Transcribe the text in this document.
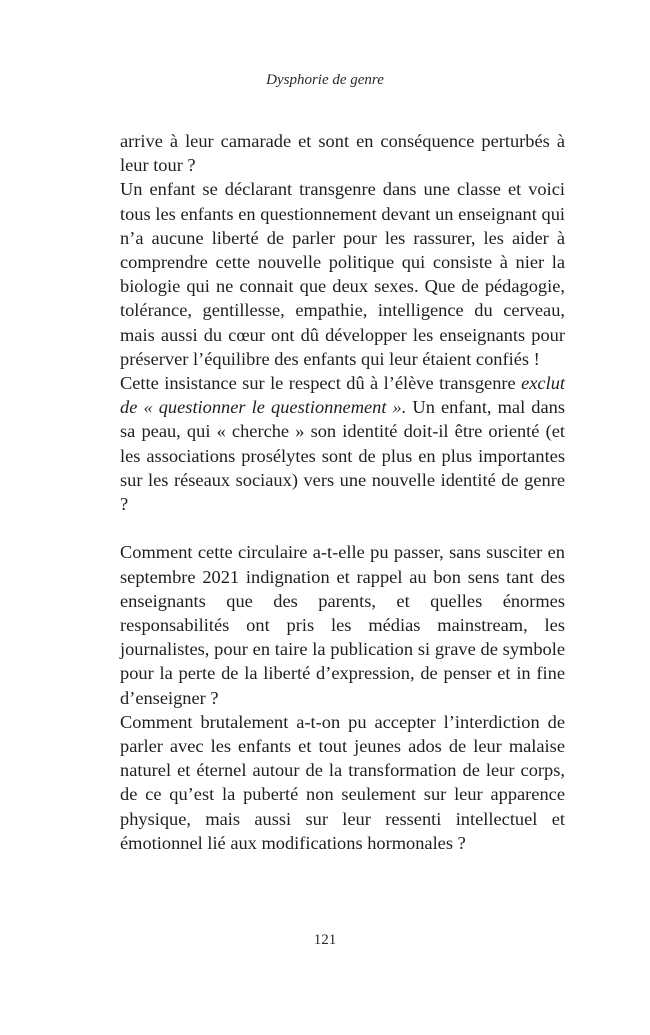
Dysphorie de genre

arrive à leur camarade et sont en conséquence perturbés à leur tour ?

Un enfant se déclarant transgenre dans une classe et voici tous les enfants en questionnement devant un enseignant qui n’a aucune liberté de parler pour les rassurer, les aider à comprendre cette nouvelle politique qui consiste à nier la biologie qui ne connait que deux sexes. Que de pédagogie, tolérance, gentillesse, empathie, intelligence du cerveau, mais aussi du cœur ont dû développer les enseignants pour préserver l’équilibre des enfants qui leur étaient confiés !

Cette insistance sur le respect dû à l’élève transgenre exclut de « questionner le questionnement ». Un enfant, mal dans sa peau, qui « cherche » son identité doit-il être orienté (et les associations prosélytes sont de plus en plus importantes sur les réseaux sociaux) vers une nouvelle identité de genre ?

Comment cette circulaire a-t-elle pu passer, sans susciter en septembre 2021 indignation et rappel au bon sens tant des enseignants que des parents, et quelles énormes responsabilités ont pris les médias mainstream, les journalistes, pour en taire la publication si grave de symbole pour la perte de la liberté d’expression, de penser et in fine d’enseigner ?

Comment brutalement a-t-on pu accepter l’interdiction de parler avec les enfants et tout jeunes ados de leur malaise naturel et éternel autour de la transformation de leur corps, de ce qu’est la puberté non seulement sur leur apparence physique, mais aussi sur leur ressenti intellectuel et émotionnel lié aux modifications hormonales ?

121
